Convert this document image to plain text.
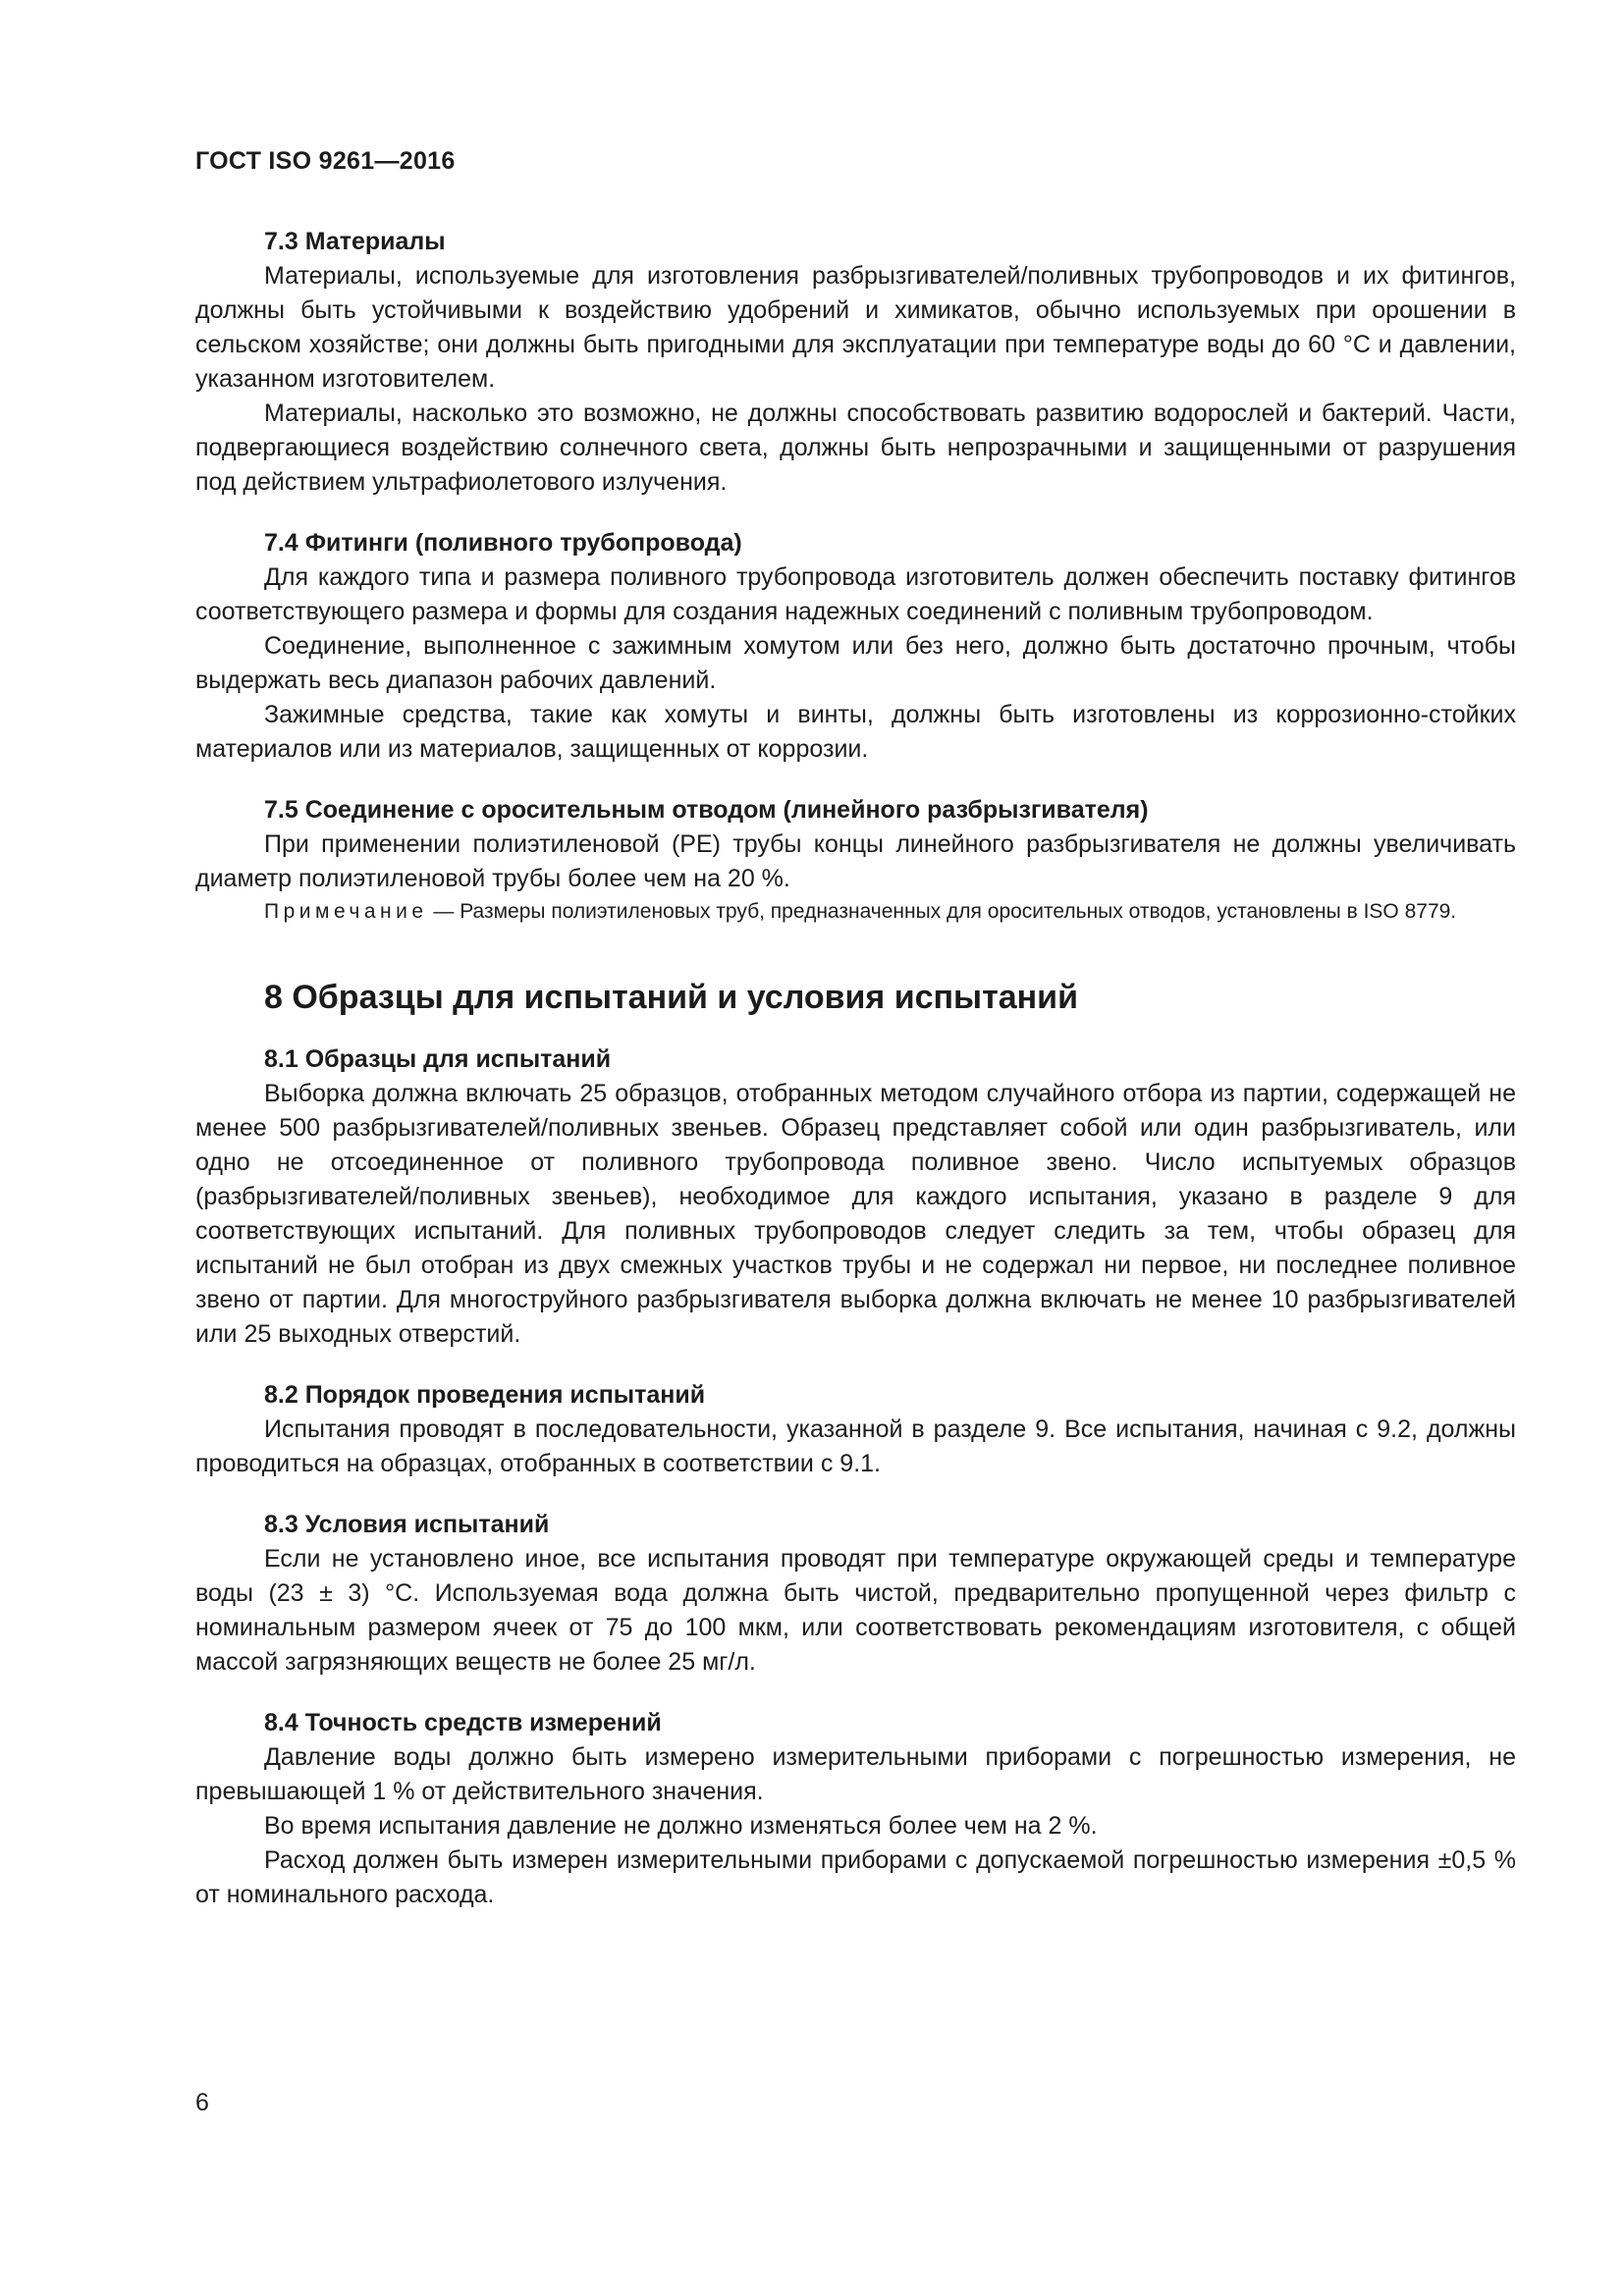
ГОСТ ISO 9261—2016
7.3 Материалы

Материалы, используемые для изготовления разбрызгивателей/поливных трубопроводов и их фитингов, должны быть устойчивыми к воздействию удобрений и химикатов, обычно используемых при орошении в сельском хозяйстве; они должны быть пригодными для эксплуатации при температуре воды до 60 °С и давлении, указанном изготовителем.

Материалы, насколько это возможно, не должны способствовать развитию водорослей и бактерий. Части, подвергающиеся воздействию солнечного света, должны быть непрозрачными и защищенными от разрушения под действием ультрафиолетового излучения.

7.4 Фитинги (поливного трубопровода)

Для каждого типа и размера поливного трубопровода изготовитель должен обеспечить поставку фитингов соответствующего размера и формы для создания надежных соединений с поливным трубопроводом.

Соединение, выполненное с зажимным хомутом или без него, должно быть достаточно прочным, чтобы выдержать весь диапазон рабочих давлений.

Зажимные средства, такие как хомуты и винты, должны быть изготовлены из коррозионно-стойких материалов или из материалов, защищенных от коррозии.

7.5 Соединение с оросительным отводом (линейного разбрызгивателя)

При применении полиэтиленовой (РЕ) трубы концы линейного разбрызгивателя не должны увеличивать диаметр полиэтиленовой трубы более чем на 20 %.

Примечание — Размеры полиэтиленовых труб, предназначенных для оросительных отводов, установлены в ISO 8779.

8 Образцы для испытаний и условия испытаний
8.1 Образцы для испытаний

Выборка должна включать 25 образцов, отобранных методом случайного отбора из партии, содержащей не менее 500 разбрызгивателей/поливных звеньев. Образец представляет собой или один разбрызгиватель, или одно не отсоединенное от поливного трубопровода поливное звено. Число испытуемых образцов (разбрызгивателей/поливных звеньев), необходимое для каждого испытания, указано в разделе 9 для соответствующих испытаний. Для поливных трубопроводов следует следить за тем, чтобы образец для испытаний не был отобран из двух смежных участков трубы и не содержал ни первое, ни последнее поливное звено от партии. Для многоструйного разбрызгивателя выборка должна включать не менее 10 разбрызгивателей или 25 выходных отверстий.

8.2 Порядок проведения испытаний

Испытания проводят в последовательности, указанной в разделе 9. Все испытания, начиная с 9.2, должны проводиться на образцах, отобранных в соответствии с 9.1.

8.3 Условия испытаний

Если не установлено иное, все испытания проводят при температуре окружающей среды и температуре воды (23 ± 3) °С. Используемая вода должна быть чистой, предварительно пропущенной через фильтр с номинальным размером ячеек от 75 до 100 мкм, или соответствовать рекомендациям изготовителя, с общей массой загрязняющих веществ не более 25 мг/л.

8.4 Точность средств измерений

Давление воды должно быть измерено измерительными приборами с погрешностью измерения, не превышающей 1 % от действительного значения.

Во время испытания давление не должно изменяться более чем на 2 %.

Расход должен быть измерен измерительными приборами с допускаемой погрешностью измерения ±0,5 % от номинального расхода.

6
